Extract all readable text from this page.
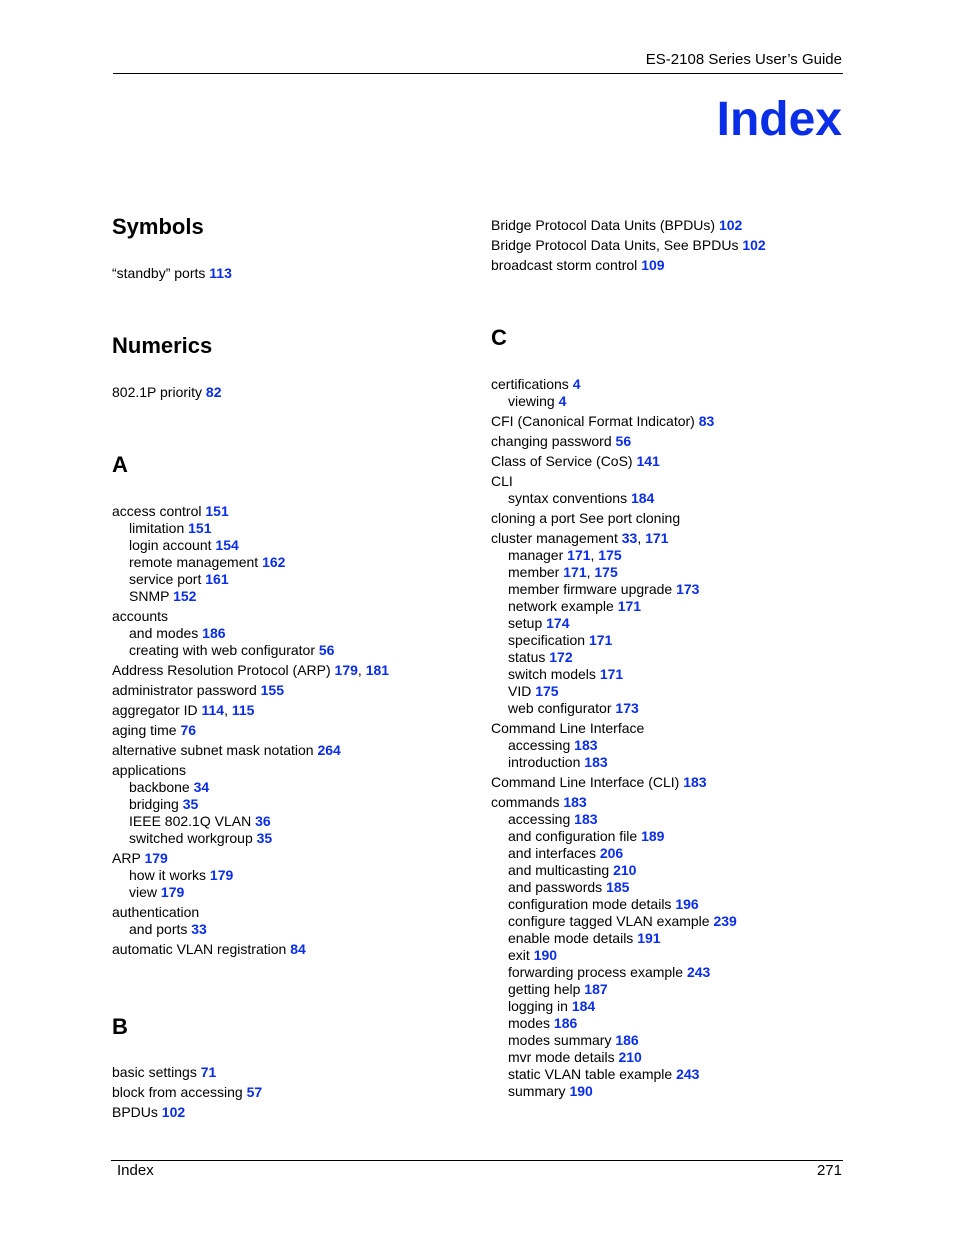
ES-2108 Series User’s Guide
Index
Symbols
“standby” ports 113
Numerics
802.1P priority 82
A
access control 151
limitation 151
login account 154
remote management 162
service port 161
SNMP 152
accounts
and modes 186
creating with web configurator 56
Address Resolution Protocol (ARP) 179, 181
administrator password 155
aggregator ID 114, 115
aging time 76
alternative subnet mask notation 264
applications
backbone 34
bridging 35
IEEE 802.1Q VLAN 36
switched workgroup 35
ARP 179
how it works 179
view 179
authentication
and ports 33
automatic VLAN registration 84
B
basic settings 71
block from accessing 57
BPDUs 102
Bridge Protocol Data Units (BPDUs) 102
Bridge Protocol Data Units, See BPDUs 102
broadcast storm control 109
C
certifications 4
viewing 4
CFI (Canonical Format Indicator) 83
changing password 56
Class of Service (CoS) 141
CLI
syntax conventions 184
cloning a port See port cloning
cluster management 33, 171
manager 171, 175
member 171, 175
member firmware upgrade 173
network example 171
setup 174
specification 171
status 172
switch models 171
VID 175
web configurator 173
Command Line Interface
accessing 183
introduction 183
Command Line Interface (CLI) 183
commands 183
accessing 183
and configuration file 189
and interfaces 206
and multicasting 210
and passwords 185
configuration mode details 196
configure tagged VLAN example 239
enable mode details 191
exit 190
forwarding process example 243
getting help 187
logging in 184
modes 186
modes summary 186
mvr mode details 210
static VLAN table example 243
summary 190
Index	271
